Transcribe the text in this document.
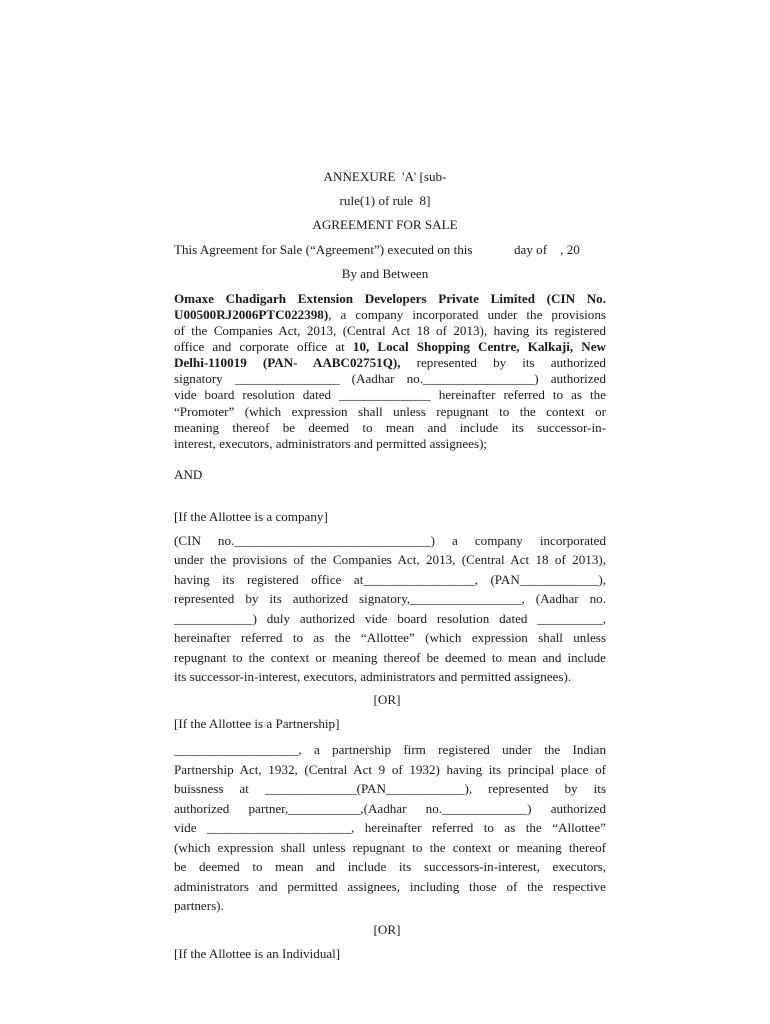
ANNEXURE  'A' [sub-
rule(1) of rule  8]
AGREEMENT FOR SALE
This Agreement for Sale (“Agreement”) executed on this	day of    , 20
By and Between
Omaxe Chadigarh Extension Developers Private Limited (CIN No.
U00500RJ2006PTC022398), a company incorporated under the provisions
of the Companies Act, 2013, (Central Act 18 of 2013), having its registered
office and corporate office at 10, Local Shopping Centre, Kalkaji, New
Delhi-110019 (PAN- AABC02751Q), represented by its authorized
signatory ________________ (Aadhar no._________________) authorized
vide board resolution dated ______________ hereinafter referred to as the
“Promoter” (which expression shall unless repugnant to the context or
meaning thereof be deemed to mean and include its successor-in-
interest, executors, administrators and permitted assignees);
AND
[If the Allottee is a company]
(CIN no.______________________________) a company incorporated
under the provisions of the Companies Act, 2013, (Central Act 18 of 2013),
having its registered office at_________________, (PAN____________),
represented by its authorized signatory,_________________, (Aadhar no.
____________) duly authorized vide board resolution dated __________,
hereinafter referred to as the “Allottee” (which expression shall unless
repugnant to the context or meaning thereof be deemed to mean and include
its successor-in-interest, executors, administrators and permitted assignees).
[OR]
[If the Allottee is a Partnership]
___________________, a partnership firm registered under the Indian
Partnership Act, 1932, (Central Act 9 of 1932) having its principal place of
buissness at ______________(PAN____________), represented by its
authorized partner,___________,(Aadhar no._____________) authorized
vide ______________________, hereinafter referred to as the “Allottee”
(which expression shall unless repugnant to the context or meaning thereof
be deemed to mean and include its successors-in-interest, executors,
administrators and permitted assignees, including those of the respective
partners).
[OR]
[If the Allottee is an Individual]
